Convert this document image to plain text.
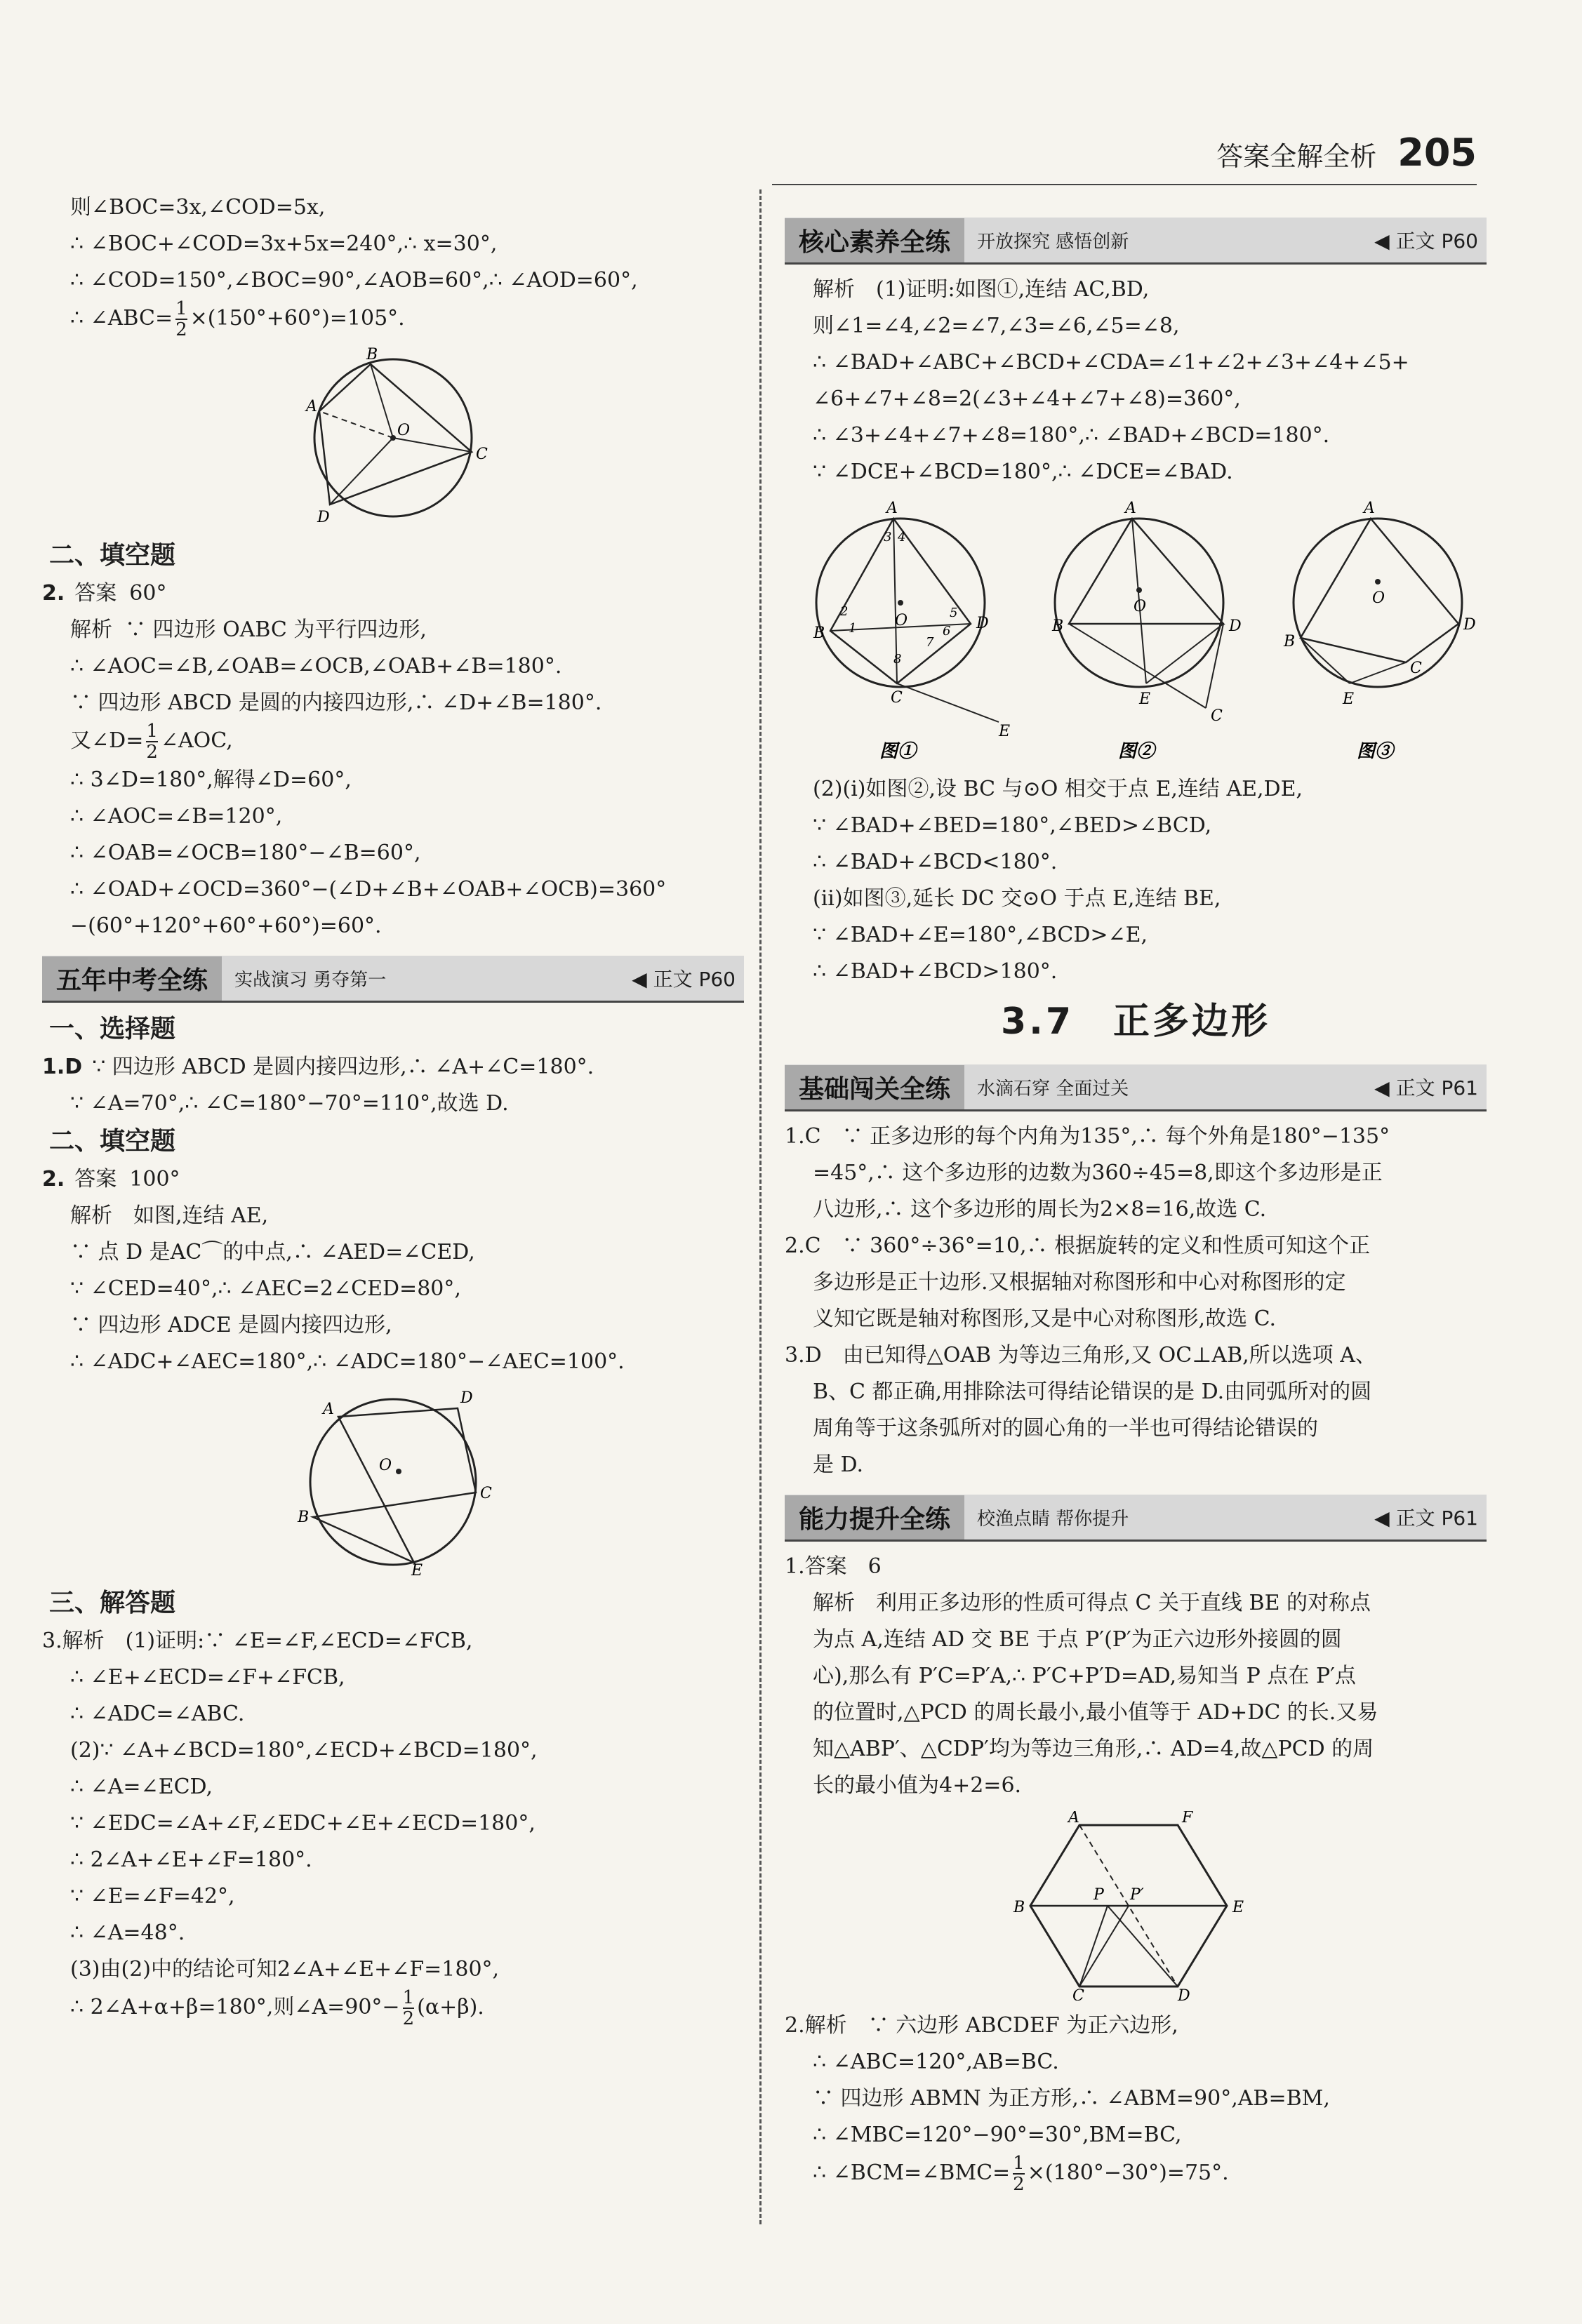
答案全解全析 205
则∠BOC=3x,∠COD=5x,
∴ ∠BOC+∠COD=3x+5x=240°,∴ x=30°,
∴ ∠COD=150°,∠BOC=90°,∠AOB=60°,∴ ∠AOD=60°,
∴ ∠ABC= $\frac{1}{2} \times(150^\circ+60^\circ)=105^\circ$.
B
A
C
D
O
二、填空题
2. 答案 60°
解析 ∵ 四边形 OABC 为平行四边形,
∴ ∠AOC=∠B,∠OAB=∠OCB,∠OAB+∠B=180°.
∵ 四边形 ABCD 是圆的内接四边形,∴ ∠D+∠B=180°.
又∠D= $\frac{1}{2}$ ∠AOC,
∴ 3∠D=180°,解得∠D=60°,
∴ ∠AOC=∠B=120°,
∴ ∠OAB=∠OCB=180°−∠B=60°,
∴ ∠OAD+∠OCD=360°−(∠D+∠B+∠OAB+∠OCB)=360°
−(60°+120°+60°+60°)=60°.
五年中考全练	实战演习 勇夺第一	◀ 正文 P60
一、选择题
1.D ∵ 四边形 ABCD 是圆内接四边形,∴ ∠A+∠C=180°.
∵ ∠A=70°,∴ ∠C=180°−70°=110°,故选 D.
二、填空题
2. 答案 100°
解析　如图,连结 AE,
∵ 点 D 是AC⌒的中点,∴ ∠AED=∠CED,
∵ ∠CED=40°,∴ ∠AEC=2∠CED=80°,
∵ 四边形 ADCE 是圆内接四边形,
∴ ∠ADC+∠AEC=180°,∴ ∠ADC=180°−∠AEC=100°.
A
D
C
B
E
O
三、解答题
3.解析　(1)证明:∵ ∠E=∠F,∠ECD=∠FCB,
∴ ∠E+∠ECD=∠F+∠FCB,
∴ ∠ADC=∠ABC.
(2)∵ ∠A+∠BCD=180°,∠ECD+∠BCD=180°,
∴ ∠A=∠ECD,
∵ ∠EDC=∠A+∠F,∠EDC+∠E+∠ECD=180°,
∴ 2∠A+∠E+∠F=180°.
∵ ∠E=∠F=42°,
∴ ∠A=48°.
(3)由(2)中的结论可知2∠A+∠E+∠F=180°,
∴ 2∠A+α+β=180°,则∠A=90°− $\frac{1}{2} (\alpha+\beta)$.
核心素养全练	开放探究 感悟创新	◀ 正文 P60
解析　(1)证明:如图①,连结 AC,BD,
则∠1=∠4,∠2=∠7,∠3=∠6,∠5=∠8,
∴ ∠BAD+∠ABC+∠BCD+∠CDA=∠1+∠2+∠3+∠4+∠5+
∠6+∠7+∠8=2(∠3+∠4+∠7+∠8)=360°,
∴ ∠3+∠4+∠7+∠8=180°,∴ ∠BAD+∠BCD=180°.
∵ ∠DCE+∠BCD=180°,∴ ∠DCE=∠BAD.
A
B
C
D
E
O
2
1
3 4
5
6
7
8
A
B
E
D
C
O
A
B
C
D
E
O
图①	图②	图③
(2)(i)如图②,设 BC 与⊙O 相交于点 E,连结 AE,DE,
∵ ∠BAD+∠BED=180°,∠BED>∠BCD,
∴ ∠BAD+∠BCD<180°.
(ii)如图③,延长 DC 交⊙O 于点 E,连结 BE,
∵ ∠BAD+∠E=180°,∠BCD>∠E,
∴ ∠BAD+∠BCD>180°.
3.7　正多边形
基础闯关全练	水滴石穿 全面过关	◀ 正文 P61
1.C　∵ 正多边形的每个内角为135°,∴ 每个外角是180°−135°
=45°,∴ 这个多边形的边数为360÷45=8,即这个多边形是正
八边形,∴ 这个多边形的周长为2×8=16,故选 C.
2.C　∵ 360°÷36°=10,∴ 根据旋转的定义和性质可知这个正
多边形是正十边形.又根据轴对称图形和中心对称图形的定
义知它既是轴对称图形,又是中心对称图形,故选 C.
3.D　由已知得△OAB 为等边三角形,又 OC⊥AB,所以选项 A、
B、C 都正确,用排除法可得结论错误的是 D.由同弧所对的圆
周角等于这条弧所对的圆心角的一半也可得结论错误的
是 D.
能力提升全练	校渔点睛 帮你提升	◀ 正文 P61
1.答案　6
解析　利用正多边形的性质可得点 C 关于直线 BE 的对称点
为点 A,连结 AD 交 BE 于点 P′(P′为正六边形外接圆的圆
心),那么有 P′C=P′A,∴ P′C+P′D=AD,易知当 P 点在 P′点
的位置时,△PCD 的周长最小,最小值等于 AD+DC 的长.又易
知△ABP′、△CDP′均为等边三角形,∴ AD=4,故△PCD 的周
长的最小值为4+2=6.
A	F
B	E
C	D
P P′
2.解析　∵ 六边形 ABCDEF 为正六边形,
∴ ∠ABC=120°,AB=BC.
∵ 四边形 ABMN 为正方形,∴ ∠ABM=90°,AB=BM,
∴ ∠MBC=120°−90°=30°,BM=BC,
∴ ∠BCM=∠BMC= $\frac{1}{2} \times(180^\circ-30^\circ)=75^\circ$.
